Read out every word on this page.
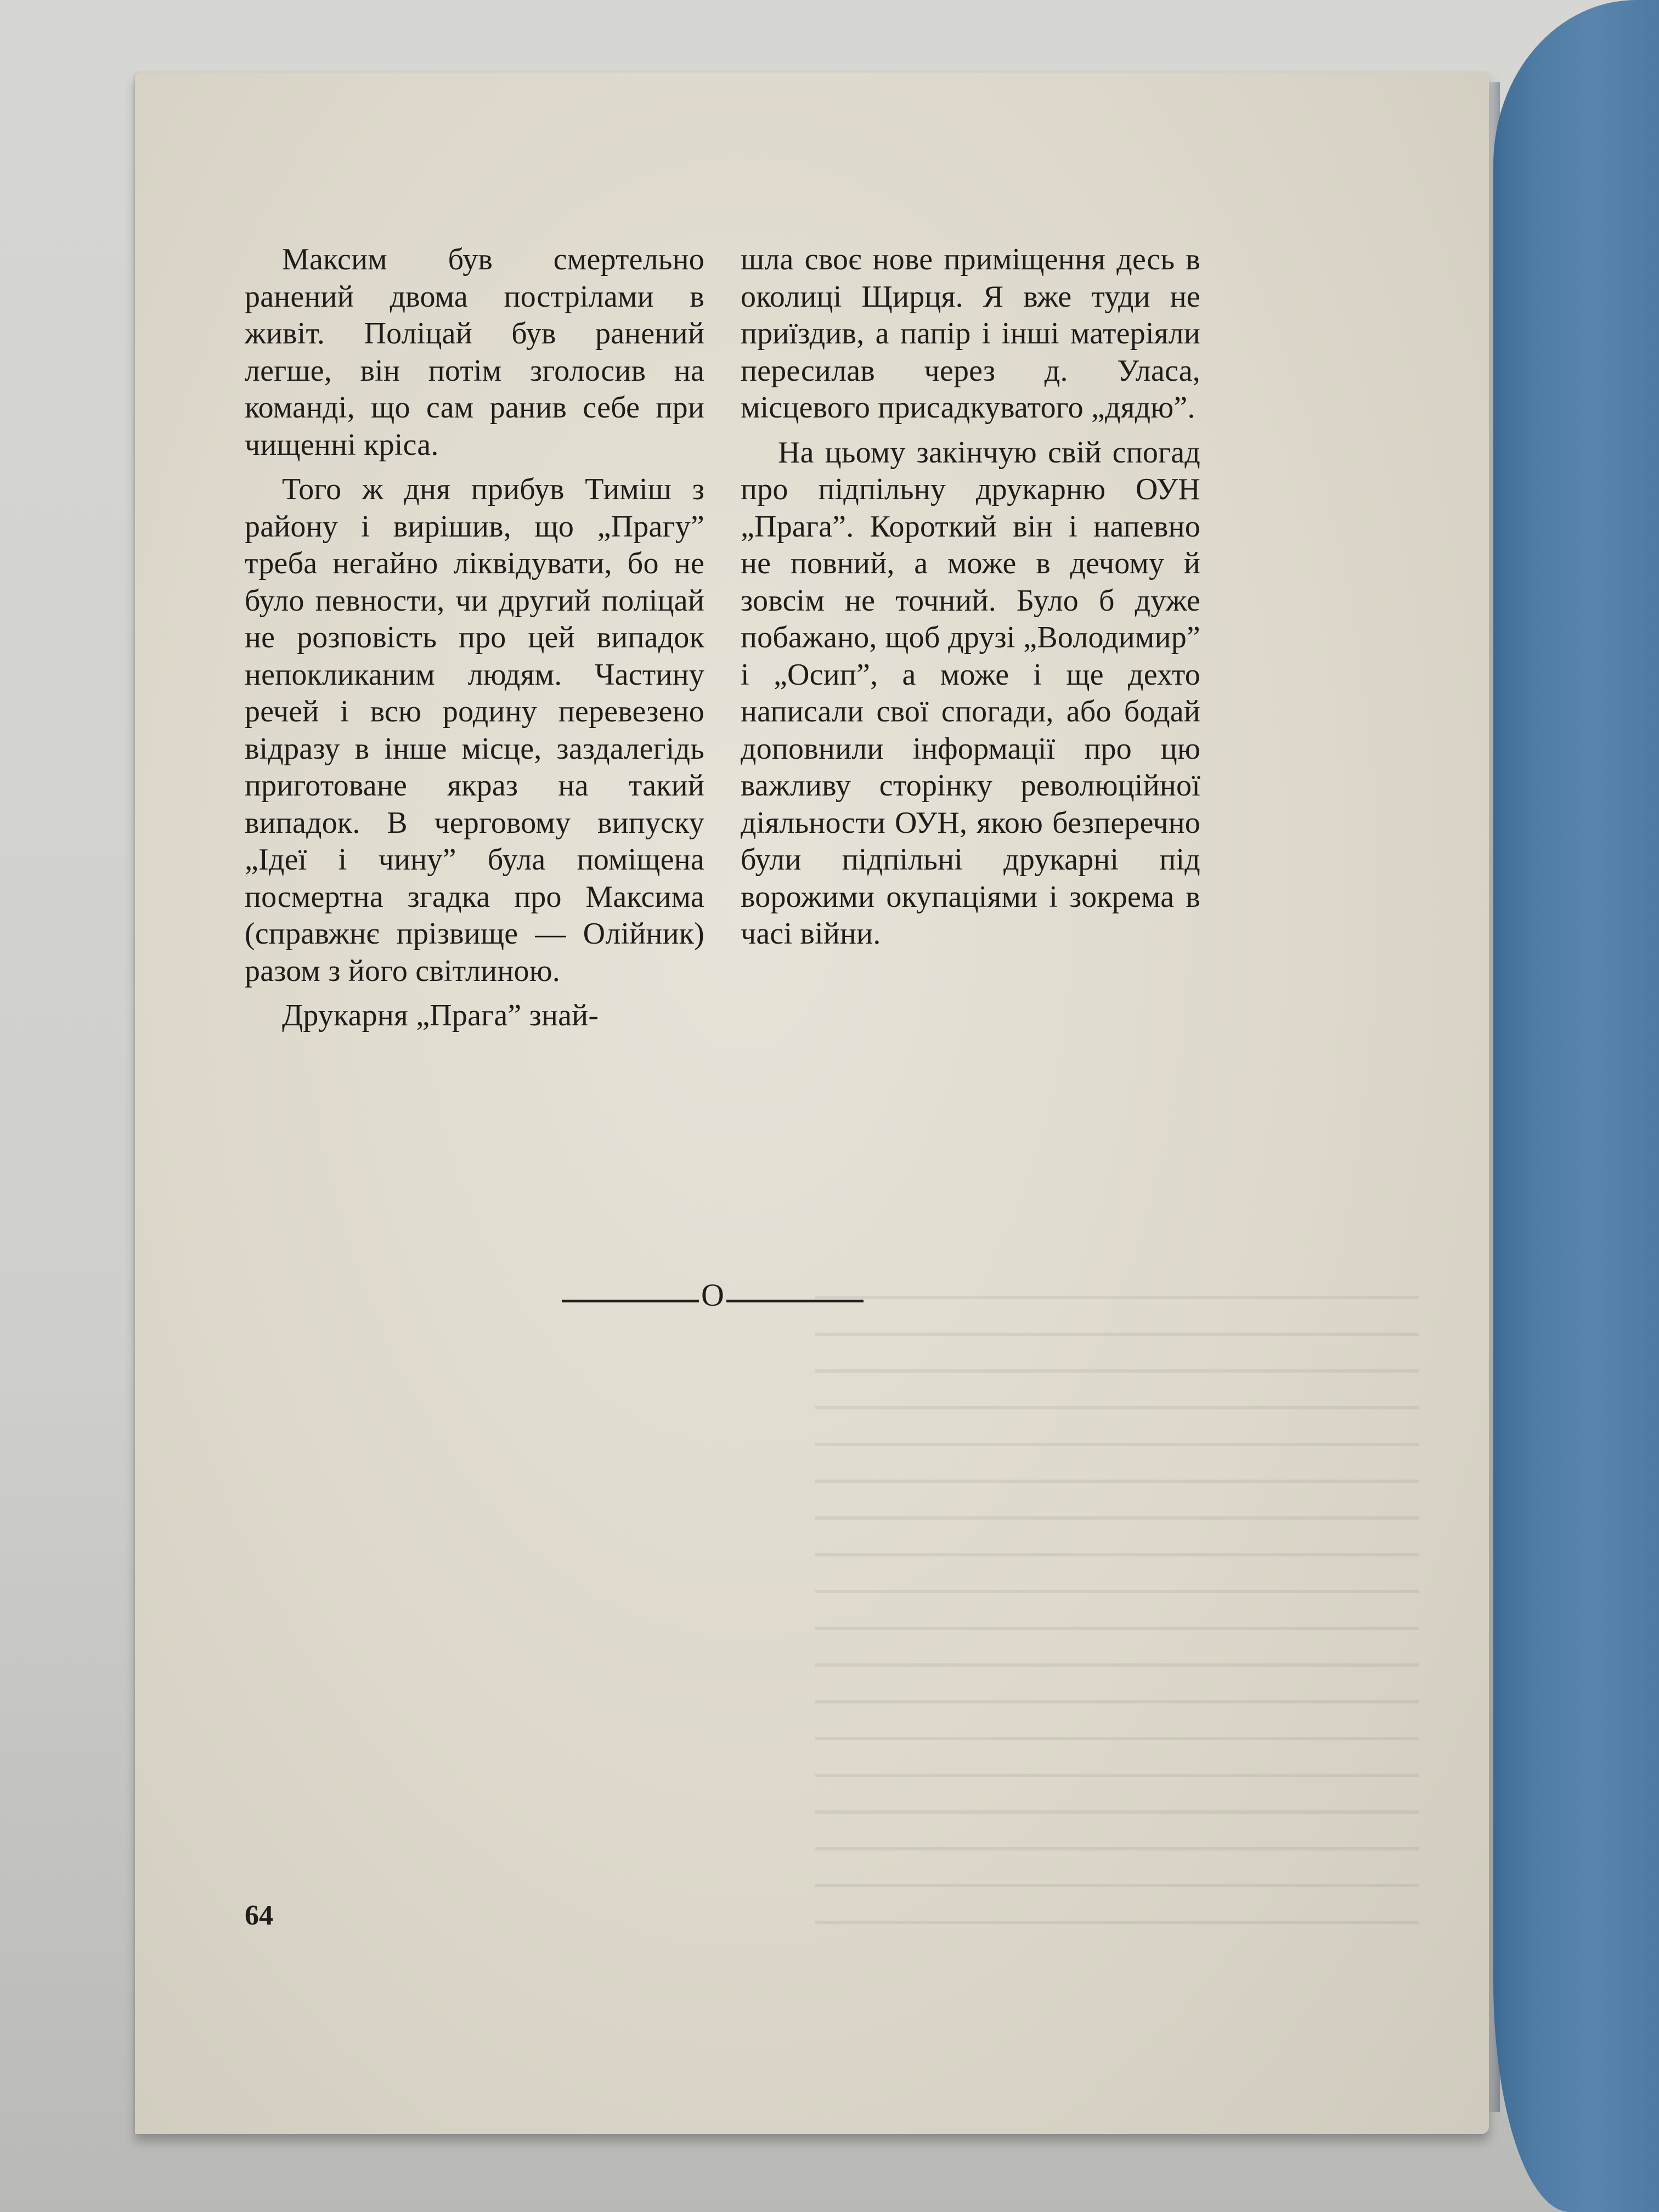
Максим був смертельно ранений двома пострілами в живіт. Поліцай був ранений легше, він потім зголосив на команді, що сам ранив себе при чищенні кріса.

Того ж дня прибув Тиміш з району і вирішив, що „Прагу” треба негайно ліквідувати, бо не було певности, чи другий поліцай не розповість про цей випадок непокликаним людям. Частину речей і всю родину перевезено відразу в інше місце, заздалегідь приготоване якраз на такий випадок. В черговому випуску „Ідеї і чину” була поміщена посмертна згадка про Максима (справжнє прізвище — Олійник) разом з його світлиною.

Друкарня „Прага” знай-

шла своє нове приміщення десь в околиці Щирця. Я вже туди не приїздив, а папір і інші матеріяли пересилав через д. Уласа, місцевого присадкуватого „дядю”.

На цьому закінчую свій спогад про підпільну друкарню ОУН „Прага”. Короткий він і напевно не повний, а може в дечому й зовсім не точний. Було б дуже побажано, щоб друзі „Володимир” і „Осип”, а може і ще дехто написали свої спогади, або бодай доповнили інформації про цю важливу сторінку революційної діяльности ОУН, якою безперечно були підпільні друкарні під ворожими окупаціями і зокрема в часі війни.

O
64
